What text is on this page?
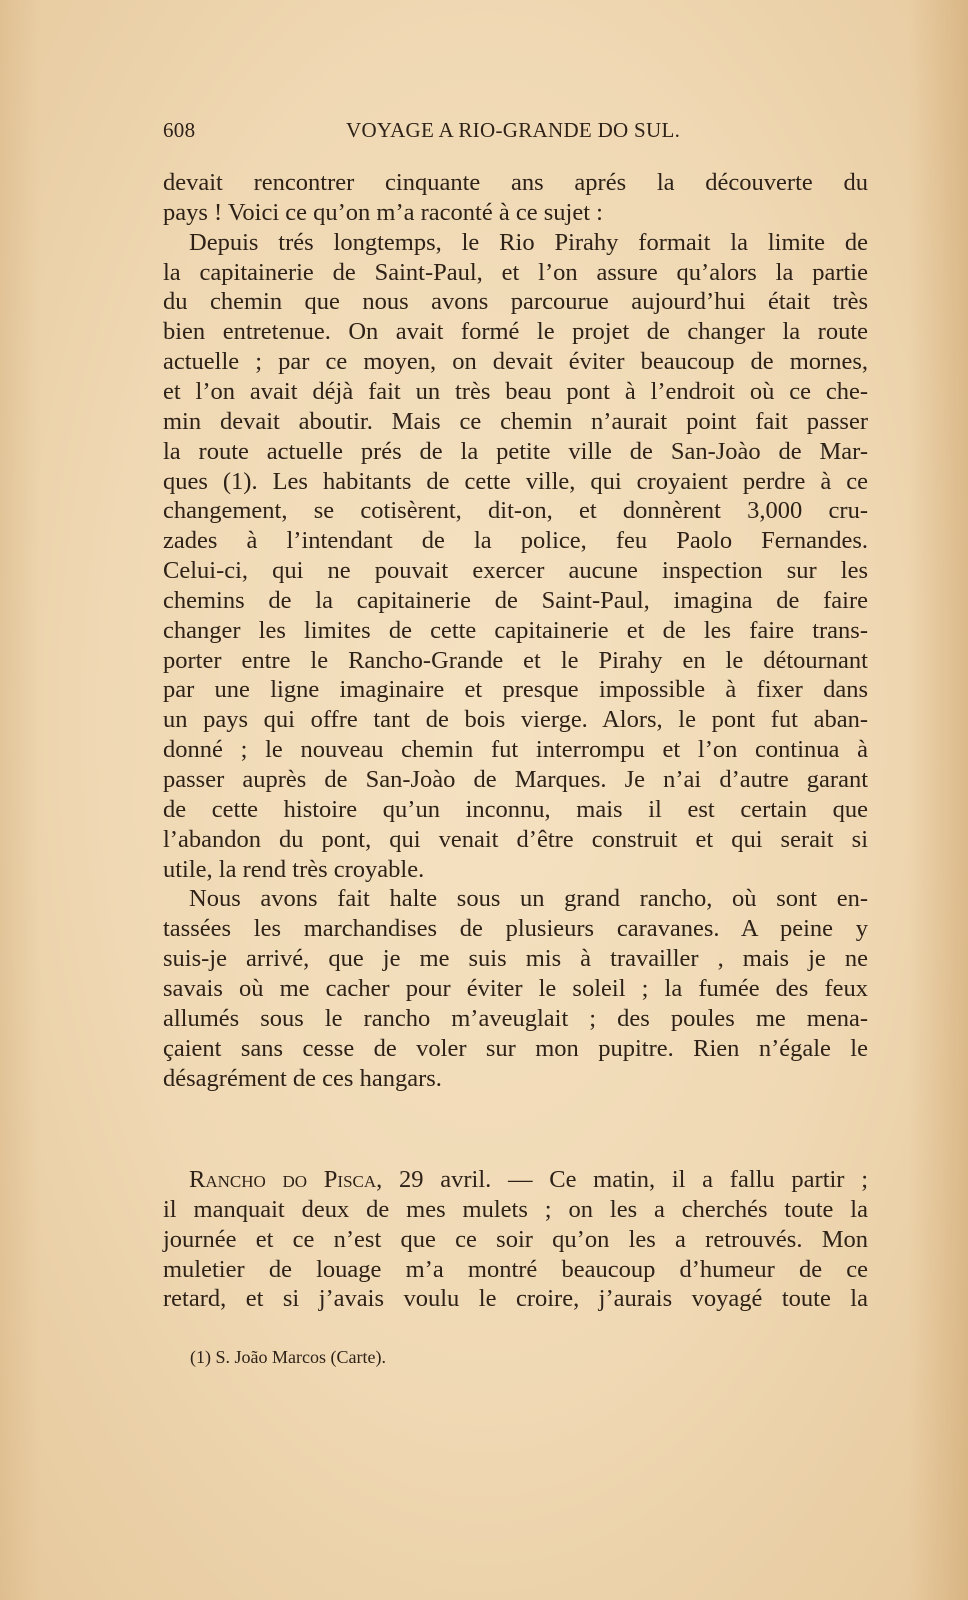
608	VOYAGE A RIO-GRANDE DO SUL.
devait rencontrer cinquante ans aprés la découverte du
pays ! Voici ce qu’on m’a raconté à ce sujet :
Depuis trés longtemps, le Rio Pirahy formait la limite de
la capitainerie de Saint-Paul, et l’on assure qu’alors la partie
du chemin que nous avons parcourue aujourd’hui était très
bien entretenue. On avait formé le projet de changer la route
actuelle ; par ce moyen, on devait éviter beaucoup de mornes,
et l’on avait déjà fait un très beau pont à l’endroit où ce che-
min devait aboutir. Mais ce chemin n’aurait point fait passer
la route actuelle prés de la petite ville de San-Joào de Mar-
ques (1). Les habitants de cette ville, qui croyaient perdre à ce
changement, se cotisèrent, dit-on, et donnèrent 3,000 cru-
zades à l’intendant de la police, feu Paolo Fernandes.
Celui-ci, qui ne pouvait exercer aucune inspection sur les
chemins de la capitainerie de Saint-Paul, imagina de faire
changer les limites de cette capitainerie et de les faire trans-
porter entre le Rancho-Grande et le Pirahy en le détournant
par une ligne imaginaire et presque impossible à fixer dans
un pays qui offre tant de bois vierge. Alors, le pont fut aban-
donné ; le nouveau chemin fut interrompu et l’on continua à
passer auprès de San-Joào de Marques. Je n’ai d’autre garant
de cette histoire qu’un inconnu, mais il est certain que
l’abandon du pont, qui venait d’être construit et qui serait si
utile, la rend très croyable.
Nous avons fait halte sous un grand rancho, où sont en-
tassées les marchandises de plusieurs caravanes. A peine y
suis-je arrivé, que je me suis mis à travailler , mais je ne
savais où me cacher pour éviter le soleil ; la fumée des feux
allumés sous le rancho m’aveuglait ; des poules me mena-
çaient sans cesse de voler sur mon pupitre. Rien n’égale le
désagrément de ces hangars.
Rancho do Pisca, 29 avril. — Ce matin, il a fallu partir ;
il manquait deux de mes mulets ; on les a cherchés toute la
journée et ce n’est que ce soir qu’on les a retrouvés. Mon
muletier de louage m’a montré beaucoup d’humeur de ce
retard, et si j’avais voulu le croire, j’aurais voyagé toute la
(1) S. João Marcos (Carte).
